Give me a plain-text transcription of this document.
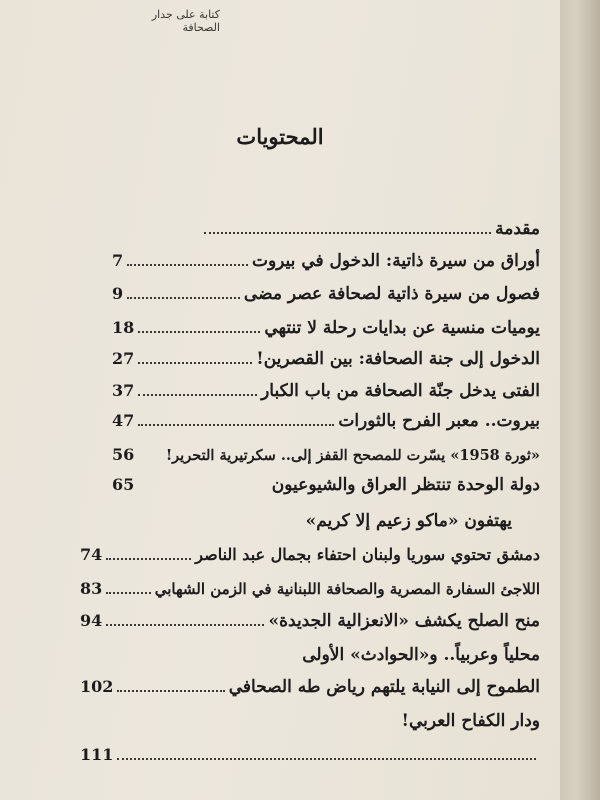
كتابة على جدار الصحافة
المحتويات
مقدمة
أوراق من سيرة ذاتية: الدخول في بيروت
7
فصول من سيرة ذاتية لصحافة عصر مضى
9
يوميات منسية عن بدايات رحلة لا تنتهي
18
الدخول إلى جنة الصحافة: بين القصرين!
27
الفتى يدخل جنّة الصحافة من باب الكبار
37
بيروت.. معبر الفرح بالثورات
47
«ثورة 1958» يسّرت للمصحح القفز إلى.. سكرتيرية التحرير!
56
دولة الوحدة تنتظر العراق والشيوعيون
65
يهتفون «ماكو زعيم إلا كريم»
دمشق تحتوي سوريا ولبنان احتفاء بجمال عبد الناصر
74
اللاجئ السفارة المصرية والصحافة اللبنانية في الزمن الشهابي
83
منح الصلح يكشف «الانعزالية الجديدة»
94
محلياً وعربياً.. و«الحوادث» الأولى
الطموح إلى النيابة يلتهم رياض طه الصحافي
102
ودار الكفاح العربي!
111
